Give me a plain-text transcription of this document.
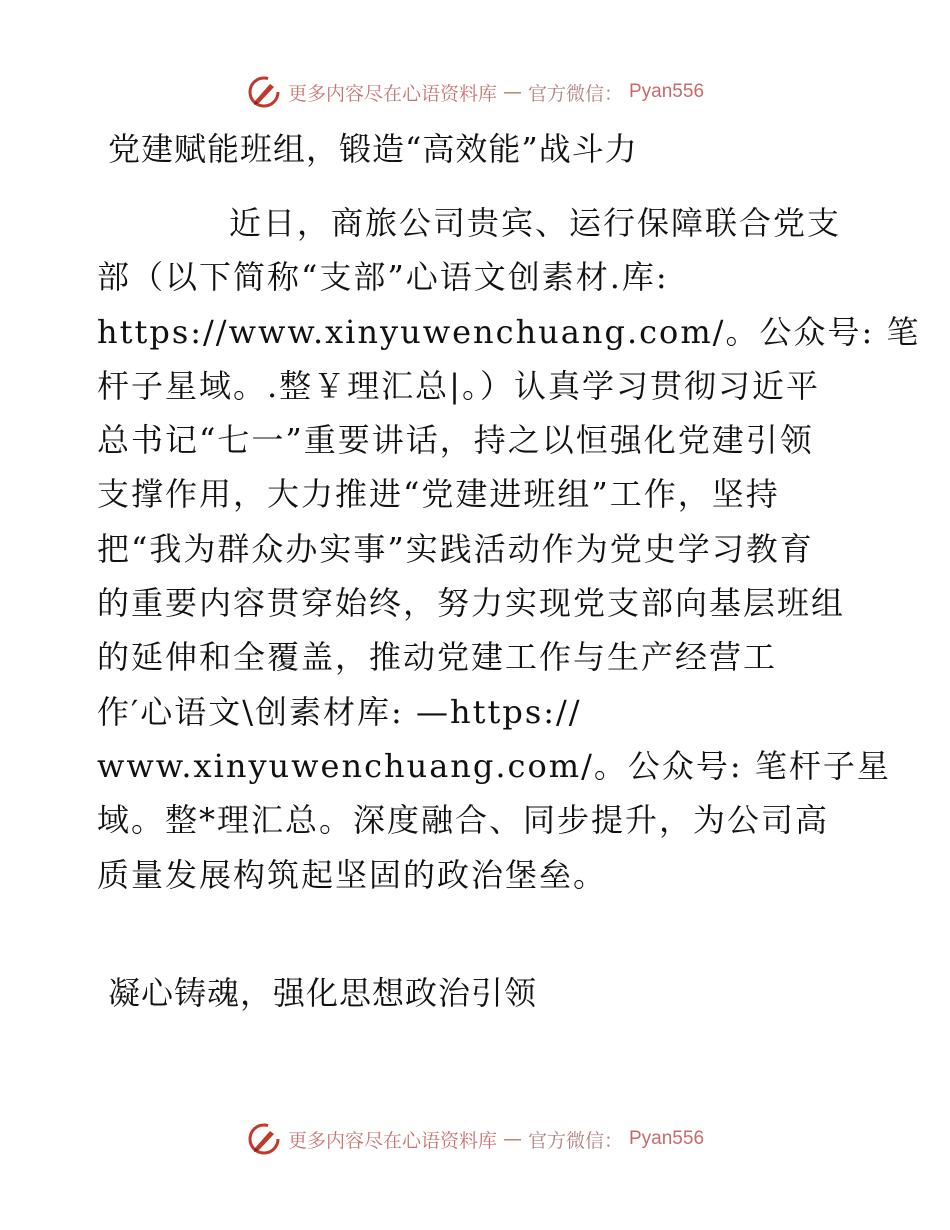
更多内容尽在心语资料库 — 官方微信： Pyan556
党建赋能班组，锻造“高效能”战斗力
近日，商旅公司贵宾、运行保障联合党支
部（以下简称“支部”心语文创素材.库:
https://www.xinyuwenchuang.com/。公众号: 笔
杆子星域。.整￥理汇总|。）认真学习贯彻习近平
总书记“七一”重要讲话，持之以恒强化党建引领
支撑作用，大力推进“党建进班组”工作，坚持
把“我为群众办实事”实践活动作为党史学习教育
的重要内容贯穿始终，努力实现党支部向基层班组
的延伸和全覆盖，推动党建工作与生产经营工
作′心语文\创素材库: —https://
www.xinyuwenchuang.com/。公众号: 笔杆子星
域。整*理汇总。深度融合、同步提升，为公司高
质量发展构筑起坚固的政治堡垒。
凝心铸魂，强化思想政治引领
更多内容尽在心语资料库 — 官方微信： Pyan556
